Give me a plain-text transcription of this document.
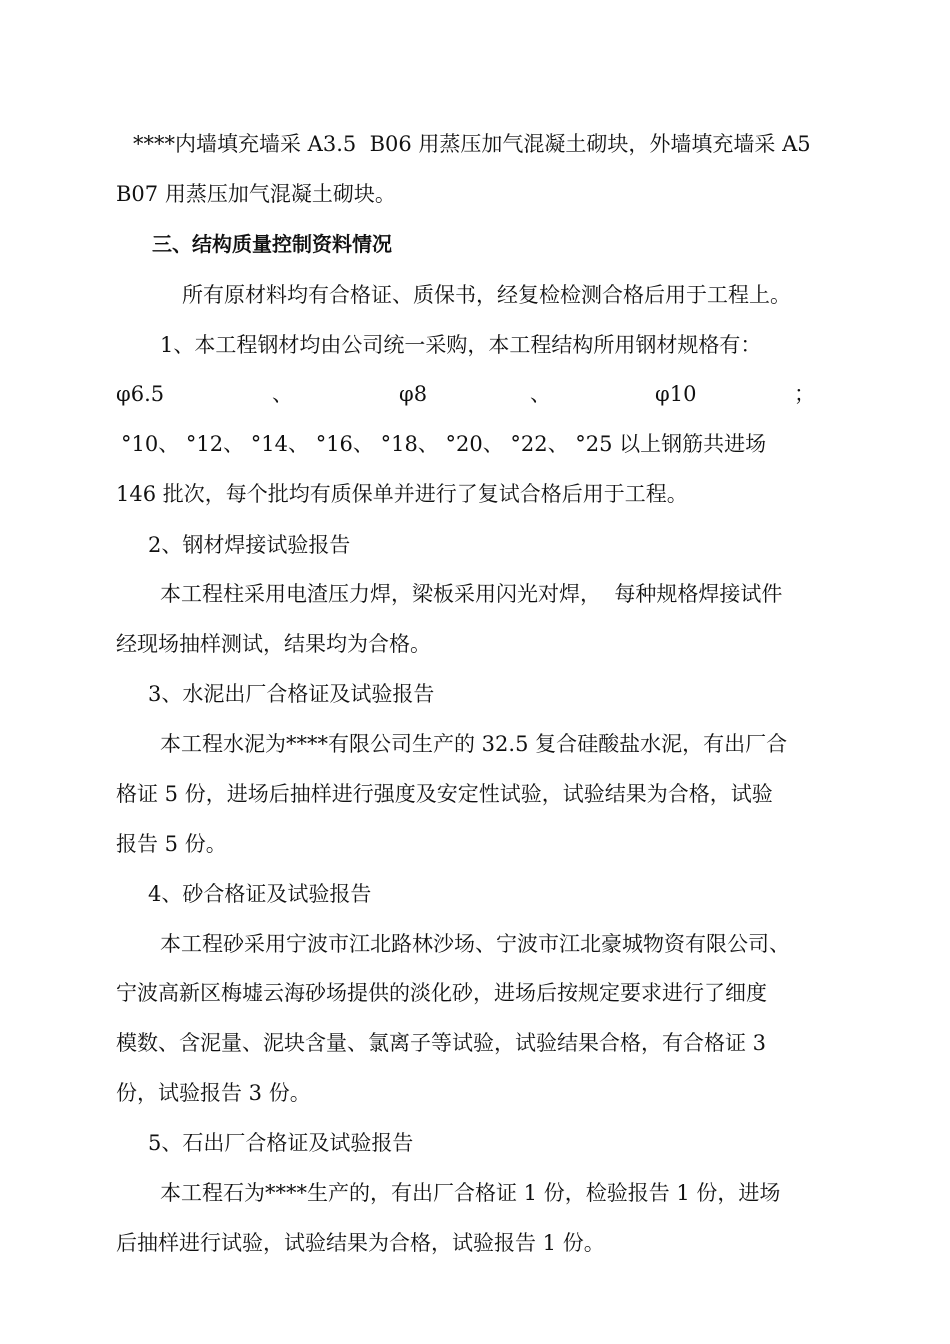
****内墙填充墙采 A3.5  B06 用蒸压加气混凝土砌块，外墙填充墙采 A5

B07 用蒸压加气混凝土砌块。

三、结构质量控制资料情况

所有原材料均有合格证、质保书，经复检检测合格后用于工程上。

1、本工程钢材均由公司统一采购，本工程结构所用钢材规格有：

φ6.5	、	φ8	、	φ10	；

°10、 °12、 °14、 °16、 °18、 °20、 °22、 °25 以上钢筋共进场

146 批次，每个批均有质保单并进行了复试合格后用于工程。

2、钢材焊接试验报告

本工程柱采用电渣压力焊，梁板采用闪光对焊，  每种规格焊接试件

经现场抽样测试，结果均为合格。

3、水泥出厂合格证及试验报告

本工程水泥为****有限公司生产的 32.5 复合硅酸盐水泥，有出厂合

格证 5 份，进场后抽样进行强度及安定性试验，试验结果为合格，试验

报告 5 份。

4、砂合格证及试验报告

本工程砂采用宁波市江北路林沙场、宁波市江北豪城物资有限公司、

宁波高新区梅墟云海砂场提供的淡化砂，进场后按规定要求进行了细度

模数、含泥量、泥块含量、氯离子等试验，试验结果合格，有合格证 3

份，试验报告 3 份。

5、石出厂合格证及试验报告

本工程石为****生产的，有出厂合格证 1 份，检验报告 1 份，进场

后抽样进行试验，试验结果为合格，试验报告 1 份。
